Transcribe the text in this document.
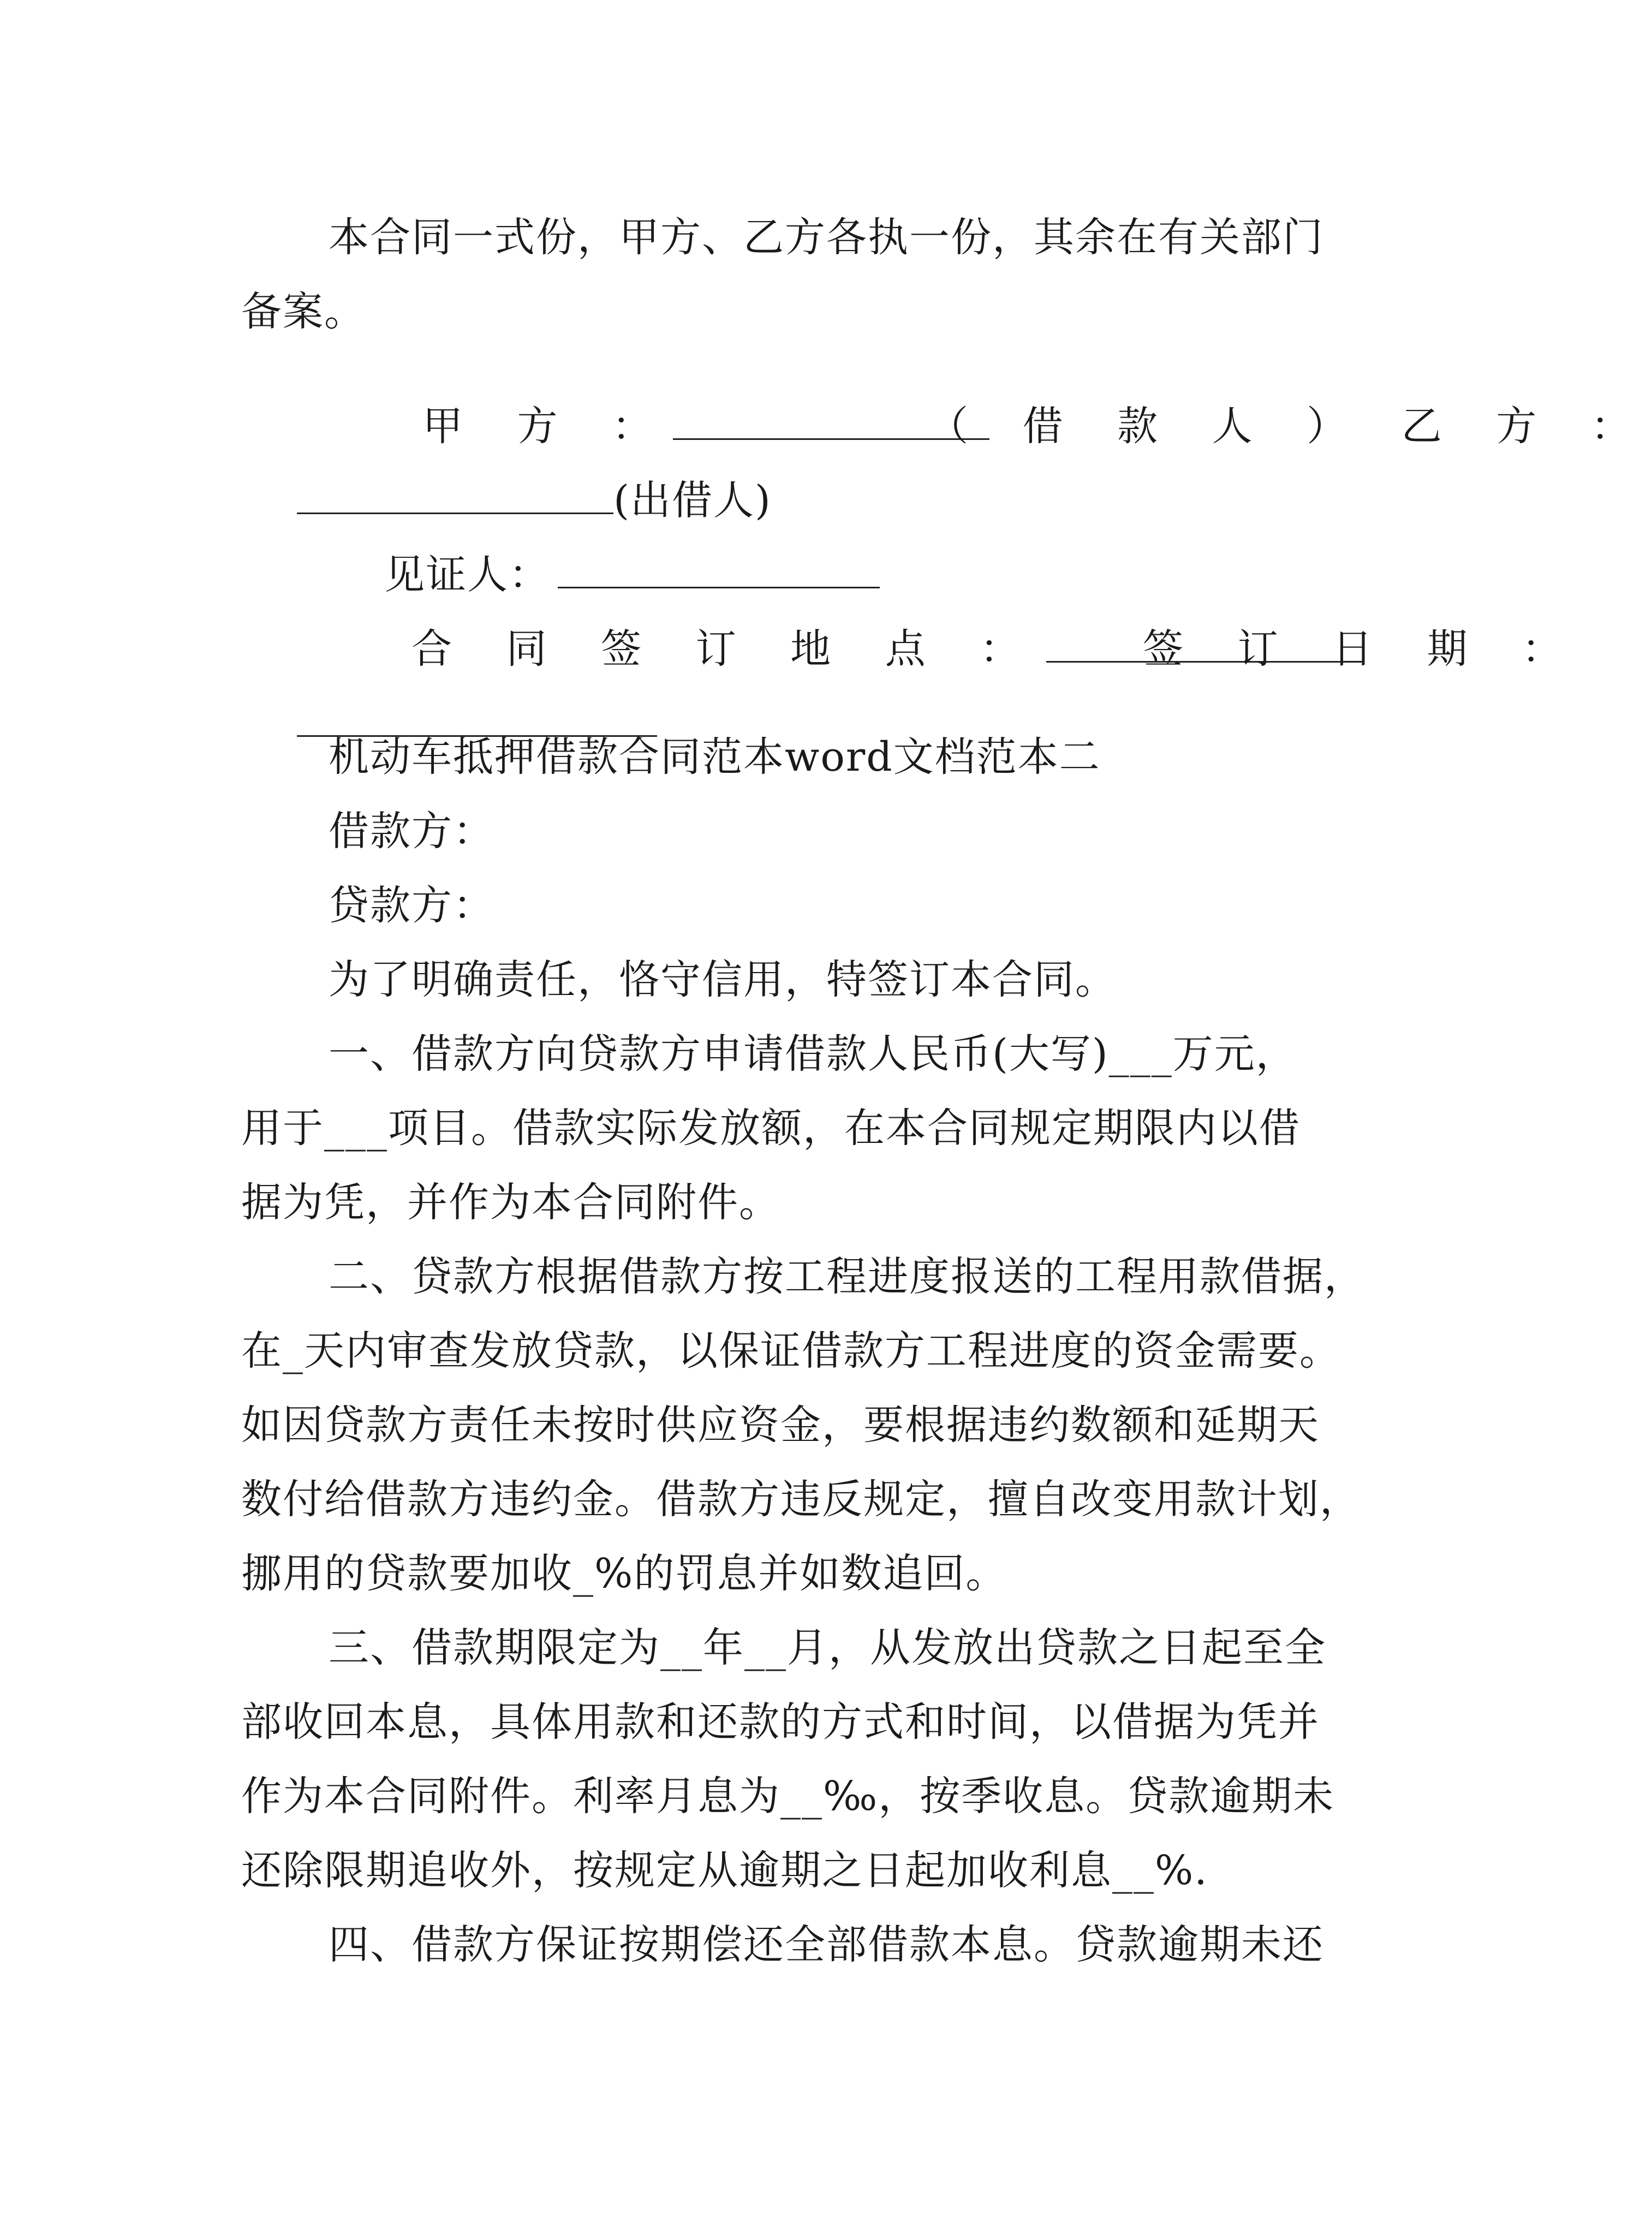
本合同一式份，甲方、乙方各执一份，其余在有关部门
备案。

甲 方 ：
	（ 借 款 人 ） 乙 方 ：

(出借人)

见证人：

合 同 签 订 地 点 ：
	签 订 日 期 ：

机动车抵押借款合同范本word文档范本二
借款方：
贷款方：
为了明确责任，恪守信用，特签订本合同。
一、借款方向贷款方申请借款人民币(大写)___万元，
用于___项目。借款实际发放额，在本合同规定期限内以借
据为凭，并作为本合同附件。
二、贷款方根据借款方按工程进度报送的工程用款借据，
在_天内审查发放贷款，以保证借款方工程进度的资金需要。
如因贷款方责任未按时供应资金，要根据违约数额和延期天
数付给借款方违约金。借款方违反规定，擅自改变用款计划，
挪用的贷款要加收_%的罚息并如数追回。
三、借款期限定为__年__月，从发放出贷款之日起至全
部收回本息，具体用款和还款的方式和时间，以借据为凭并
作为本合同附件。利率月息为__‰，按季收息。贷款逾期未
还除限期追收外，按规定从逾期之日起加收利息__%.
四、借款方保证按期偿还全部借款本息。贷款逾期未还
